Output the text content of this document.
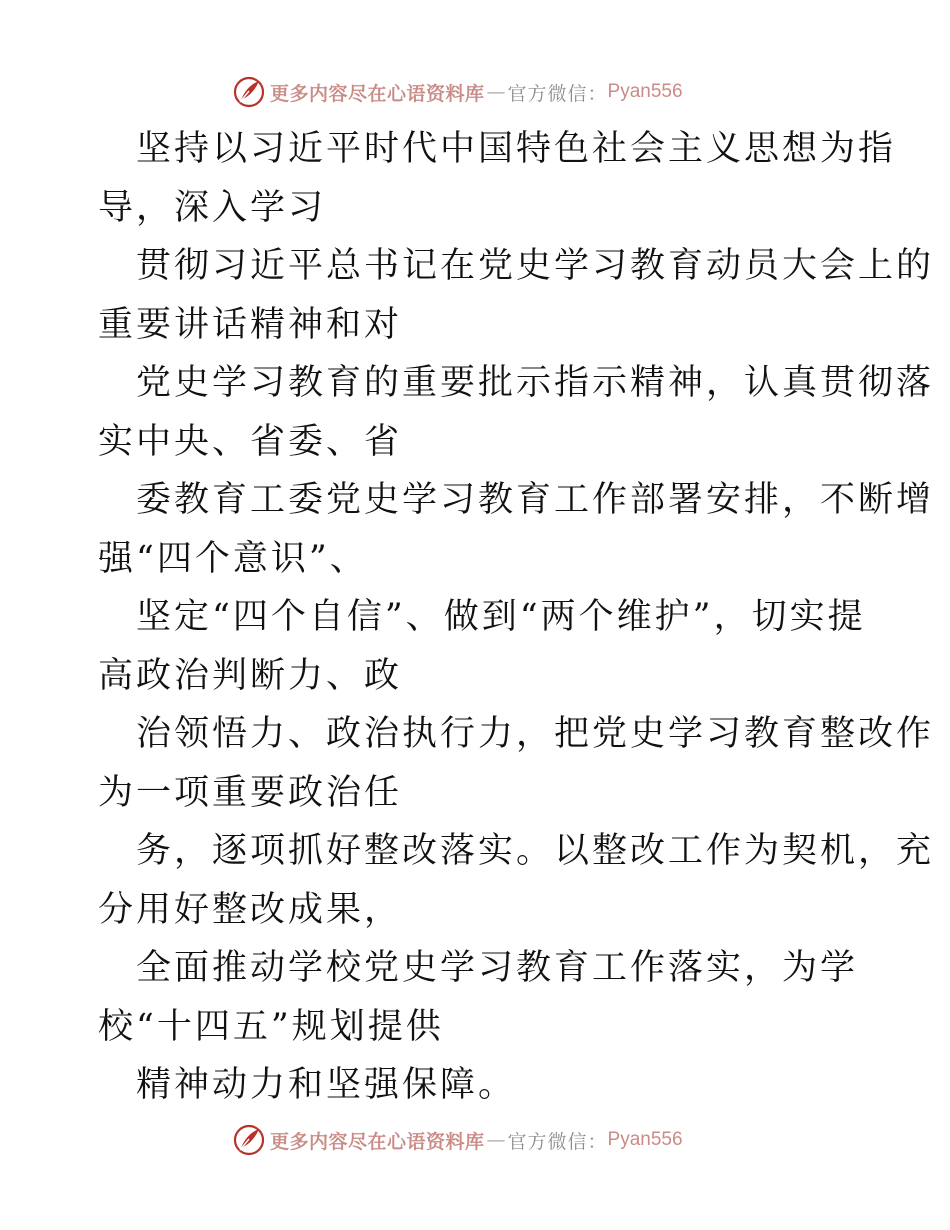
更多内容尽在心语资料库 — 官方微信： Pyan556

坚持以习近平时代中国特色社会主义思想为指
导，深入学习

贯彻习近平总书记在党史学习教育动员大会上的
重要讲话精神和对

党史学习教育的重要批示指示精神，认真贯彻落
实中央、省委、省

委教育工委党史学习教育工作部署安排，不断增
强“四个意识”、

坚定“四个自信”、做到“两个维护”，切实提
高政治判断力、政

治领悟力、政治执行力，把党史学习教育整改作
为一项重要政治任

务，逐项抓好整改落实。以整改工作为契机，充
分用好整改成果，

全面推动学校党史学习教育工作落实，为学
校“十四五”规划提供

精神动力和坚强保障。

更多内容尽在心语资料库 — 官方微信： Pyan556
